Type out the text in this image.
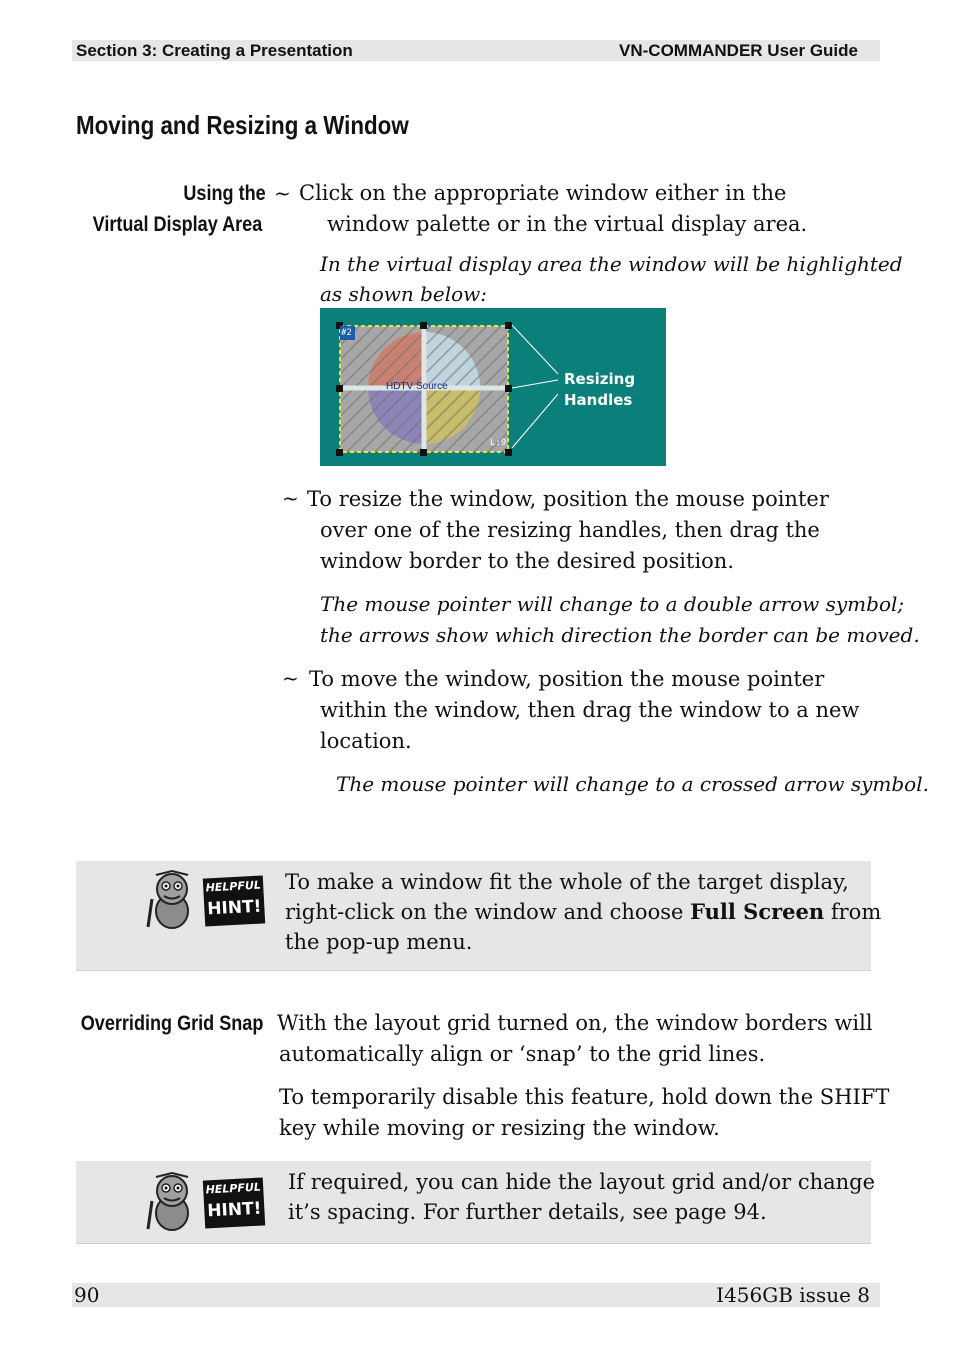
Section 3: Creating a Presentation	VN-COMMANDER User Guide
Moving and Resizing a Window
Using the
Virtual Display Area
~ Click on the appropriate window either in the
window palette or in the virtual display area.
In the virtual display area the window will be highlighted
as shown below:
#2
HDTV Source
L:9
Resizing
Handles
~ To resize the window, position the mouse pointer
over one of the resizing handles, then drag the
window border to the desired position.
The mouse pointer will change to a double arrow symbol;
the arrows show which direction the border can be moved.
~ To move the window, position the mouse pointer
within the window, then drag the window to a new
location.
The mouse pointer will change to a crossed arrow symbol.
HELPFUL
HINT!
To make a window fit the whole of the target display,
right-click on the window and choose Full Screen from
the pop-up menu.
Overriding Grid Snap With the layout grid turned on, the window borders will
automatically align or ‘snap’ to the grid lines.
To temporarily disable this feature, hold down the SHIFT
key while moving or resizing the window.
HELPFUL
HINT!
If required, you can hide the layout grid and/or change
it’s spacing. For further details, see page 94.
90	I456GB issue 8
